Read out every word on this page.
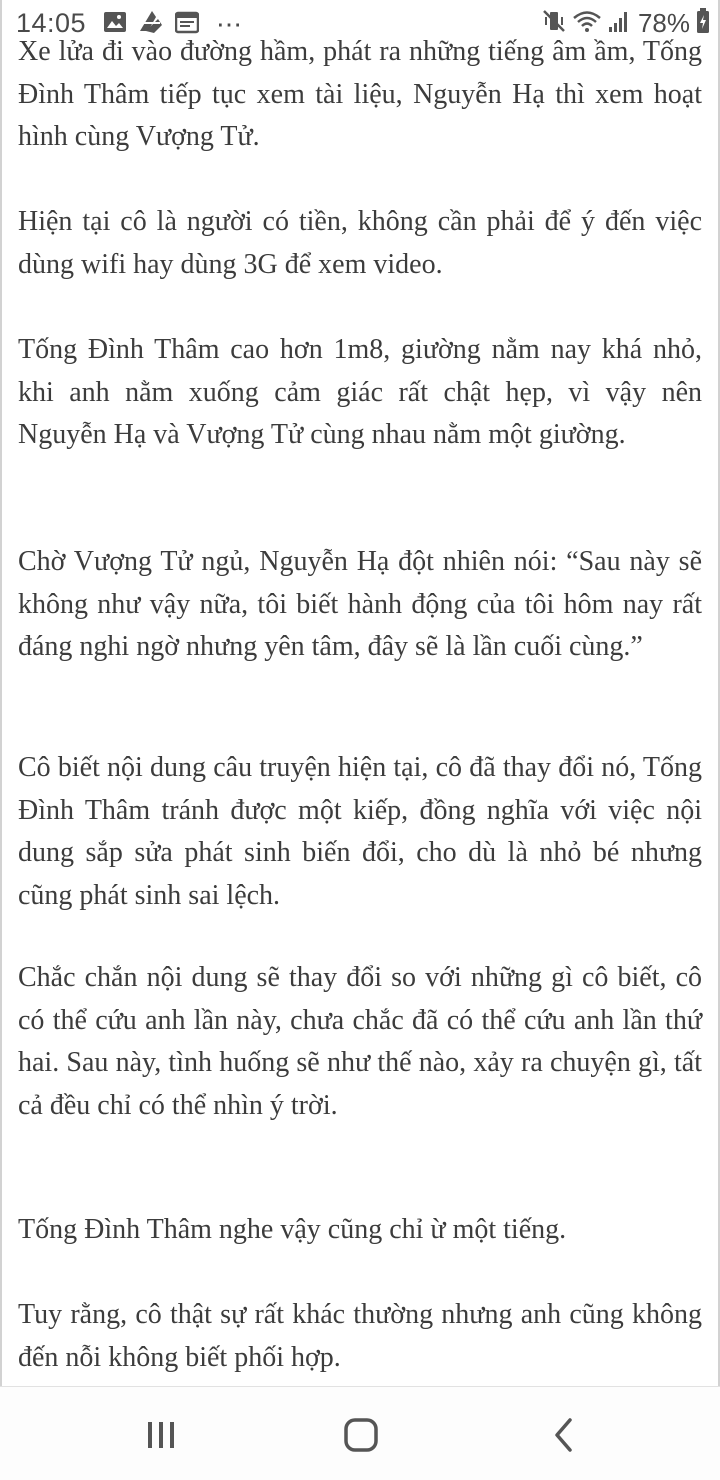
Xe lửa đi vào đường hầm, phát ra những tiếng âm ầm, Tống Đình Thâm tiếp tục xem tài liệu, Nguyễn Hạ thì xem hoạt hình cùng Vượng Tử.

Hiện tại cô là người có tiền, không cần phải để ý đến việc dùng wifi hay dùng 3G để xem video.

Tống Đình Thâm cao hơn 1m8, giường nằm nay khá nhỏ, khi anh nằm xuống cảm giác rất chật hẹp, vì vậy nên Nguyễn Hạ và Vượng Tử cùng nhau nằm một giường.

Chờ Vượng Tử ngủ, Nguyễn Hạ đột nhiên nói: “Sau này sẽ không như vậy nữa, tôi biết hành động của tôi hôm nay rất đáng nghi ngờ nhưng yên tâm, đây sẽ là lần cuối cùng.”

Cô biết nội dung câu truyện hiện tại, cô đã thay đổi nó, Tống Đình Thâm tránh được một kiếp, đồng nghĩa với việc nội dung sắp sửa phát sinh biến đổi, cho dù là nhỏ bé nhưng cũng phát sinh sai lệch.

Chắc chắn nội dung sẽ thay đổi so với những gì cô biết, cô có thể cứu anh lần này, chưa chắc đã có thể cứu anh lần thứ hai. Sau này, tình huống sẽ như thế nào, xảy ra chuyện gì, tất cả đều chỉ có thể nhìn ý trời.

Tống Đình Thâm nghe vậy cũng chỉ ừ một tiếng.

Tuy rằng, cô thật sự rất khác thường nhưng anh cũng không đến nỗi không biết phối hợp.

14:05	⋯	78%
